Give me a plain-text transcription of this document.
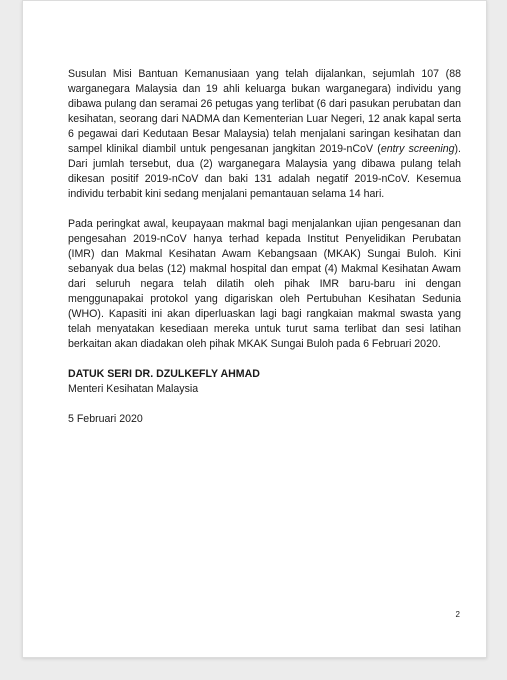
Susulan Misi Bantuan Kemanusiaan yang telah dijalankan, sejumlah 107 (88 warganegara Malaysia dan 19 ahli keluarga bukan warganegara) individu yang dibawa pulang dan seramai 26 petugas yang terlibat (6 dari pasukan perubatan dan kesihatan, seorang dari NADMA dan Kementerian Luar Negeri, 12 anak kapal serta 6 pegawai dari Kedutaan Besar Malaysia) telah menjalani saringan kesihatan dan sampel klinikal diambil untuk pengesanan jangkitan 2019-nCoV (entry screening). Dari jumlah tersebut, dua (2) warganegara Malaysia yang dibawa pulang telah dikesan positif 2019-nCoV dan baki 131 adalah negatif 2019-nCoV. Kesemua individu terbabit kini sedang menjalani pemantauan selama 14 hari.

Pada peringkat awal, keupayaan makmal bagi menjalankan ujian pengesanan dan pengesahan 2019-nCoV hanya terhad kepada Institut Penyelidikan Perubatan (IMR) dan Makmal Kesihatan Awam Kebangsaan (MKAK) Sungai Buloh. Kini sebanyak dua belas (12) makmal hospital dan empat (4) Makmal Kesihatan Awam dari seluruh negara telah dilatih oleh pihak IMR baru-baru ini dengan menggunapakai protokol yang digariskan oleh Pertubuhan Kesihatan Sedunia (WHO). Kapasiti ini akan diperluaskan lagi bagi rangkaian makmal swasta yang telah menyatakan kesediaan mereka untuk turut sama terlibat dan sesi latihan berkaitan akan diadakan oleh pihak MKAK Sungai Buloh pada 6 Februari 2020.

DATUK SERI DR. DZULKEFLY AHMAD

Menteri Kesihatan Malaysia

5 Februari 2020

2
